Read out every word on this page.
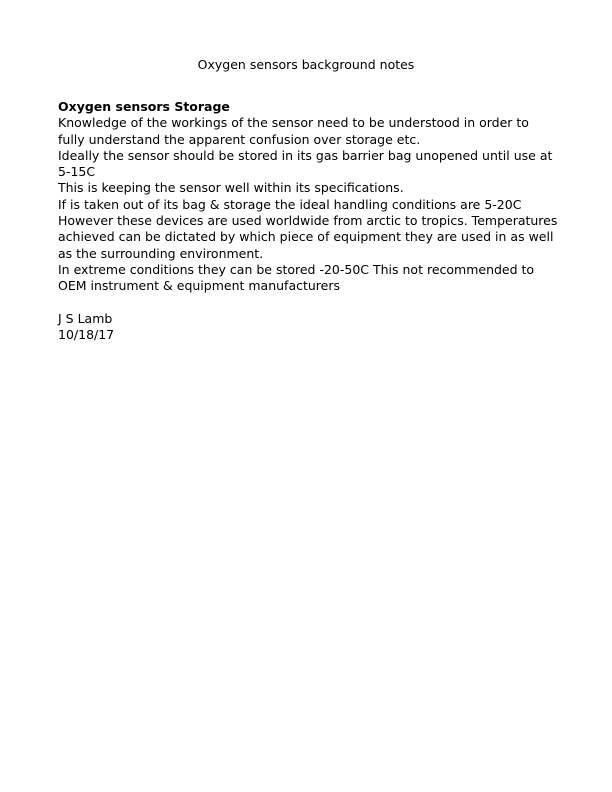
Oxygen sensors background notes

Oxygen sensors Storage

Knowledge of the workings of the sensor need to be understood in order to fully understand the apparent confusion over storage etc.

Ideally the sensor should be stored in its gas barrier bag unopened until use at 5-15C

This is keeping the sensor well within its specifications.

If is taken out of its bag & storage the ideal handling conditions are 5-20C

However these devices are used worldwide from arctic to tropics. Temperatures achieved can be dictated by which piece of equipment they are used in as well as the surrounding environment.

In extreme conditions they can be stored -20-50C This not recommended to OEM instrument & equipment manufacturers

J S Lamb

10/18/17
